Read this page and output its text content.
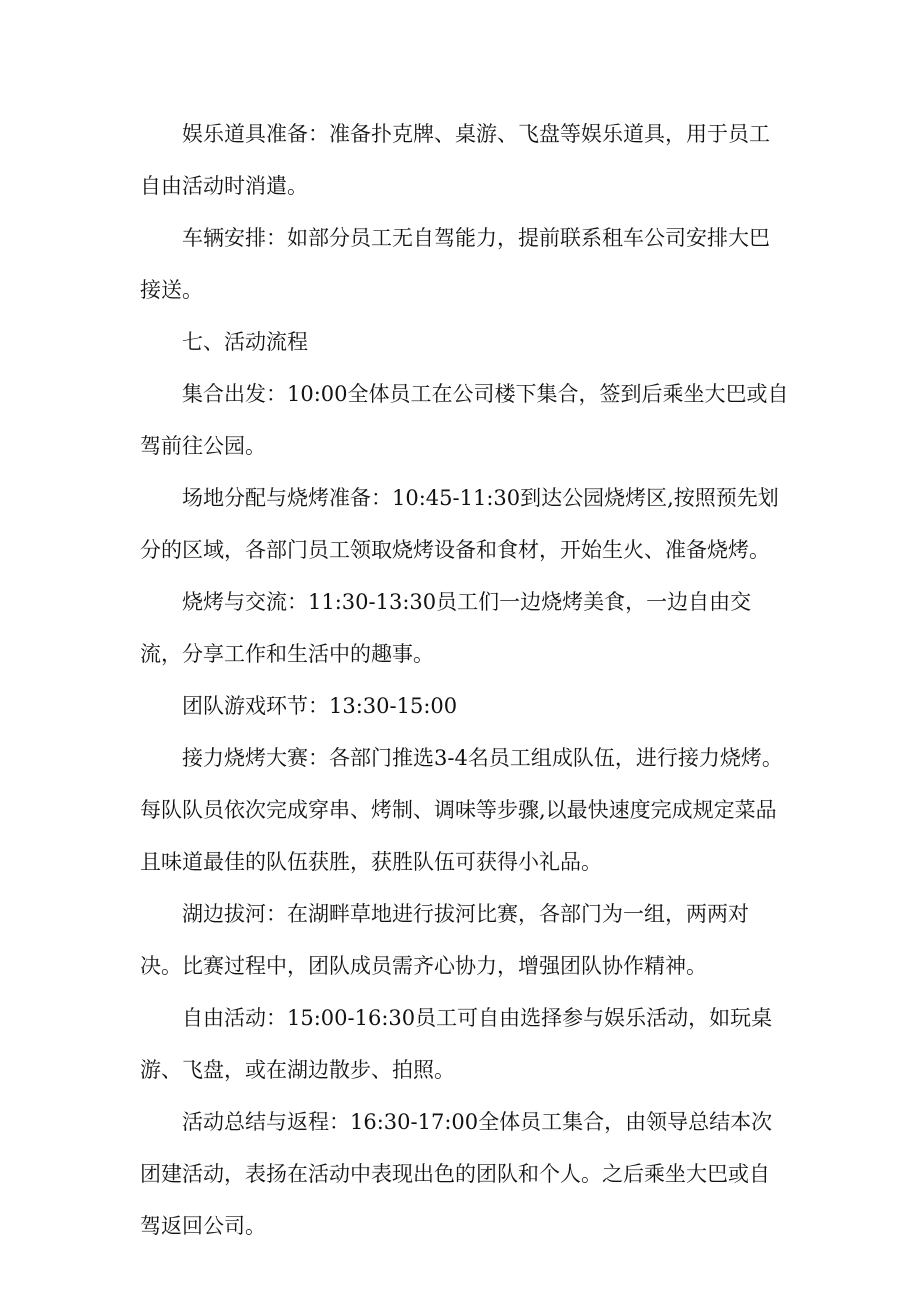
娱乐道具准备：准备扑克牌、桌游、飞盘等娱乐道具，用于员工自由活动时消遣。

车辆安排：如部分员工无自驾能力，提前联系租车公司安排大巴接送。

七、活动流程

集合出发：10:00全体员工在公司楼下集合，签到后乘坐大巴或自驾前往公园。

场地分配与烧烤准备：10:45-11:30到达公园烧烤区,按照预先划分的区域，各部门员工领取烧烤设备和食材，开始生火、准备烧烤。

烧烤与交流：11:30-13:30员工们一边烧烤美食，一边自由交流，分享工作和生活中的趣事。

团队游戏环节：13:30-15:00

接力烧烤大赛：各部门推选3-4名员工组成队伍，进行接力烧烤。每队队员依次完成穿串、烤制、调味等步骤,以最快速度完成规定菜品且味道最佳的队伍获胜，获胜队伍可获得小礼品。

湖边拔河：在湖畔草地进行拔河比赛，各部门为一组，两两对决。比赛过程中，团队成员需齐心协力，增强团队协作精神。

自由活动：15:00-16:30员工可自由选择参与娱乐活动，如玩桌游、飞盘，或在湖边散步、拍照。

活动总结与返程：16:30-17:00全体员工集合，由领导总结本次团建活动，表扬在活动中表现出色的团队和个人。之后乘坐大巴或自驾返回公司。
